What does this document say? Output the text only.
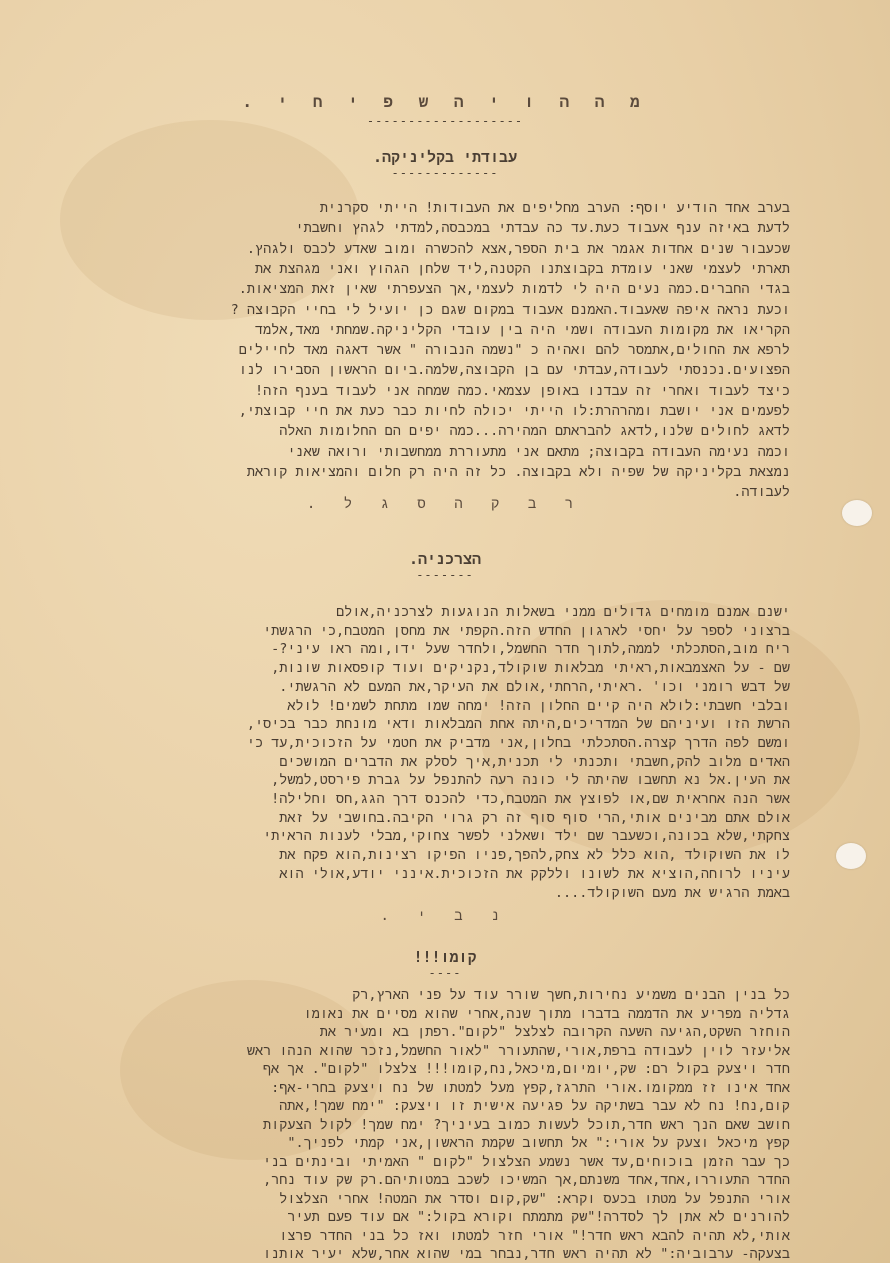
מ ה ה ו י ה ש פ י ח י .
-------------------
עבודתי בקליניקה.
-------------
בערב אחד הודיע יוסף: הערב מחליפים את העבודות! הייתי סקרנית
לדעת באיזה ענף אעבוד כעת.עד כה עבדתי במכבסה,למדתי לגהץ וחשבתי
שכעבור שנים אחדות אגמר את בית הספר,אצא להכשרה ומוב שאדע לכבס ולגהץ.
תארתי לעצמי שאני עומדת בקבוצתנו הקטנה,ליד שלחן הגהוץ ואני מגהצת את
בגדי החברים.כמה נעים היה לי לדמות לעצמי,אך הצעפרתי שאין זאת המציאות.
וכעת נראה איפה שאעבוד.האמנם אעבוד במקום שגם כן יועיל לי בחיי הקבוצה ?
הקריאו את מקומות העבודה ושמי היה בין עובדי הקליניקה.שמחתי מאד,אלמד
לרפא את החולים,אתמסר להם ואהיה כ "נשמה הנבורה " אשר דאגה מאד לחיילים
הפצועים.נכנסתי לעבודה,עבדתי עם בן הקבוצה,שלמה.ביום הראשון הסבירו לנו
כיצד לעבוד ואחרי זה עבדנו באופן עצמאי.כמה שמחה אני לעבוד בענף הזה!
לפעמים אני יושבת ומהרהרת:לו הייתי יכולה לחיות כבר כעת את חיי קבוצתי,
לדאג לחולים שלנו,לדאג להבראתם המהירה...כמה יפים הם החלומות האלה
וכמה נעימה העבודה בקבוצה; מתאם אני מתעוררת ממחשבותי ורואה שאני
נמצאת בקליניקה של שפיה ולא בקבוצה. כל זה היה רק חלום והמציאות קוראת
לעבודה.
ר ב ק ה ס ג ל .
הצרכניה.
-------
ישנם אמנם מומחים גדולים ממני בשאלות הנוגעות לצרכניה,אולם
ברצוני לספר על יחסי לארגון החדש הזה.הקפתי את מחסן המטבח,כי הרגשתי
ריח מוב,הסתכלתי לממה,לתוך חדר החשמל,ולחדר שעל ידו,ומה ראו עיני?-
שם - על האצמבאות,ראיתי מבלאות שוקולד,נקניקים ועוד קופסאות שונות,
של דבש רומני וכו' .ראיתי,הרחתי,אולם את העיקר,את המעם לא הרגשתי.
ובלבי חשבתי:לולא היה קיים החלון הזה! ימחה שמו מתחת לשמים! לולא
הרשת הזו ועיניהם של המדריכים,היתה אחת המבלאות ודאי מונחת כבר בכיסי,
ומשם לפה הדרך קצרה.הסתכלתי בחלון,אני מדביק את חטמי על הזכוכית,עד כי
האדים מלוב להק,חשבתי ותכנתי לי תכנית,איך לסלק את הדברים המושכים
את העין.אל נא תחשבו שהיתה לי כונה רעה להתנפל על גברת פירסט,למשל,
אשר הנה אחראית שם,או לפוצץ את המטבח,כדי להכנס דרך הגג,חס וחלילה!
אולם אתם מבינים אותי,הרי סוף סוף זה רק גרוי הקיבה.בחושבי על זאת
צחקתי,שלא בכונה,וכשעבר שם ילד ושאלני לפשר צחוקי,מבלי לענות הראיתי
לו את השוקולד ,הוא כלל לא צחק,להפך,פניו הפיקו רצינות,הוא פקח את
עיניו לרוחה,הוציא את לשונו וללקק את הזכוכית.אינני יודע,אולי הוא
באמת הרגיש את מעם השוקולד....
נ ב י .
קומו!!!
----
כל בנין הבנים משמיע נחירות,חשך שורר עוד על פני הארץ,רק
גדליה מפריע את הדממה בדברו מתוך שנה,אחרי שהוא מסיים את נאומו
הוחזר השקט,הגיעה השעה הקרובה לצלצל "לקום".רפתן בא ומעיר את
אליעזר לוין לעבודה ברפת,אורי,שהתעורר "לאור החשמל,נזכר שהוא הנהו ראש
חדר ויצעק בקול רם: שק,יומיום,מיכאל,נח,קומו!!! צלצלו "לקום". אך אף
אחד אינו זז ממקומו.אורי התרגז,קפץ מעל למטתו של נח ויצעק בחרי-אף:
קום,נח! נח לא עבר בשתיקה על פגיעה אישית זו ויצעק: "ימח שמך!,אתה
חושב שאם הנך ראש חדר,תוכל לעשות כמוב בעיניך? ימח שמך! לקול הצעקות
קפץ מיכאל וצעק על אורי:" אל תחשוב שקמת הראשון,אני קמתי לפניך."
כך עבר הזמן בוכוחים,עד אשר נשמע הצלצול "לקום " האמיתי ובינתים בני
החדר התעוררו,אחד,אחד משנתם,אך המשיכו לשכב במטותיהם.רק שק עוד נחר,
אורי התנפל על מטתו בכעס וקרא: "שק,קום וסדר את המטה! אחרי הצלצול
להורנים לא אתן לך לסדרה!"שק מתמתח וקורא בקול:" אם עוד פעם תעיר
אותי,לא תהיה להבא ראש חדר!" אורי חזר למטתו ואז כל בני החדר פרצו
בצעקה- ערבוביה:" לא תהיה ראש חדר,נבחר במי שהוא אחר,שלא יעיר אותנו
